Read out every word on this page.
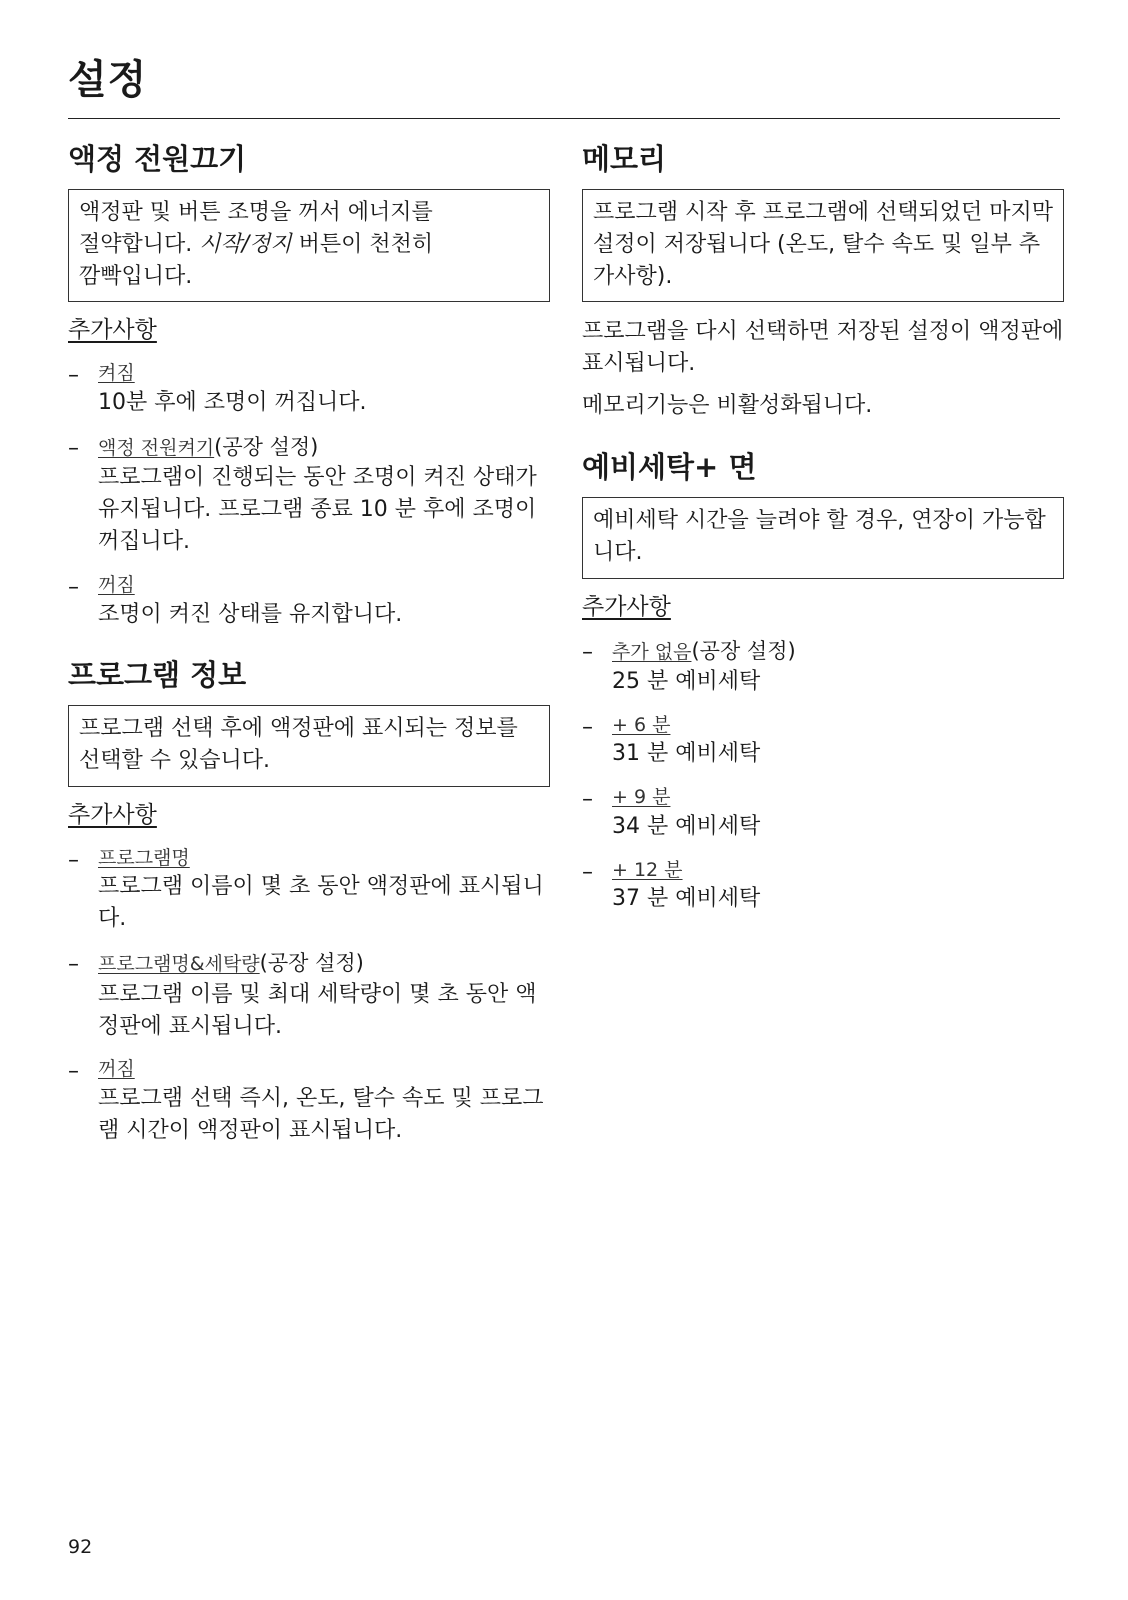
설정
액정 전원끄기
액정판 및 버튼 조명을 꺼서 에너지를
절약합니다. 시작/정지 버튼이 천천히
깜빡입니다.
추가사항
–	켜짐
10분 후에 조명이 꺼집니다.
–	액정 전원켜기(공장 설정)
프로그램이 진행되는 동안 조명이 켜진 상태가 유지됩니다. 프로그램 종료 10 분 후에 조명이 꺼집니다.
–	꺼짐
조명이 켜진 상태를 유지합니다.
프로그램 정보
프로그램 선택 후에 액정판에 표시되는 정보를 선택할 수 있습니다.
추가사항
–	프로그램명
프로그램 이름이 몇 초 동안 액정판에 표시됩니다.
–	프로그램명&세탁량(공장 설정)
프로그램 이름 및 최대 세탁량이 몇 초 동안 액정판에 표시됩니다.
–	꺼짐
프로그램 선택 즉시, 온도, 탈수 속도 및 프로그램 시간이 액정판이 표시됩니다.
메모리
프로그램 시작 후 프로그램에 선택되었던 마지막 설정이 저장됩니다 (온도, 탈수 속도 및 일부 추가사항).
프로그램을 다시 선택하면 저장된 설정이 액정판에 표시됩니다.
메모리기능은 비활성화됩니다.
예비세탁+ 면
예비세탁 시간을 늘려야 할 경우, 연장이 가능합니다.
추가사항
–	추가 없음(공장 설정)
25 분 예비세탁
–	+ 6 분
31 분 예비세탁
–	+ 9 분
34 분 예비세탁
–	+ 12 분
37 분 예비세탁
92
